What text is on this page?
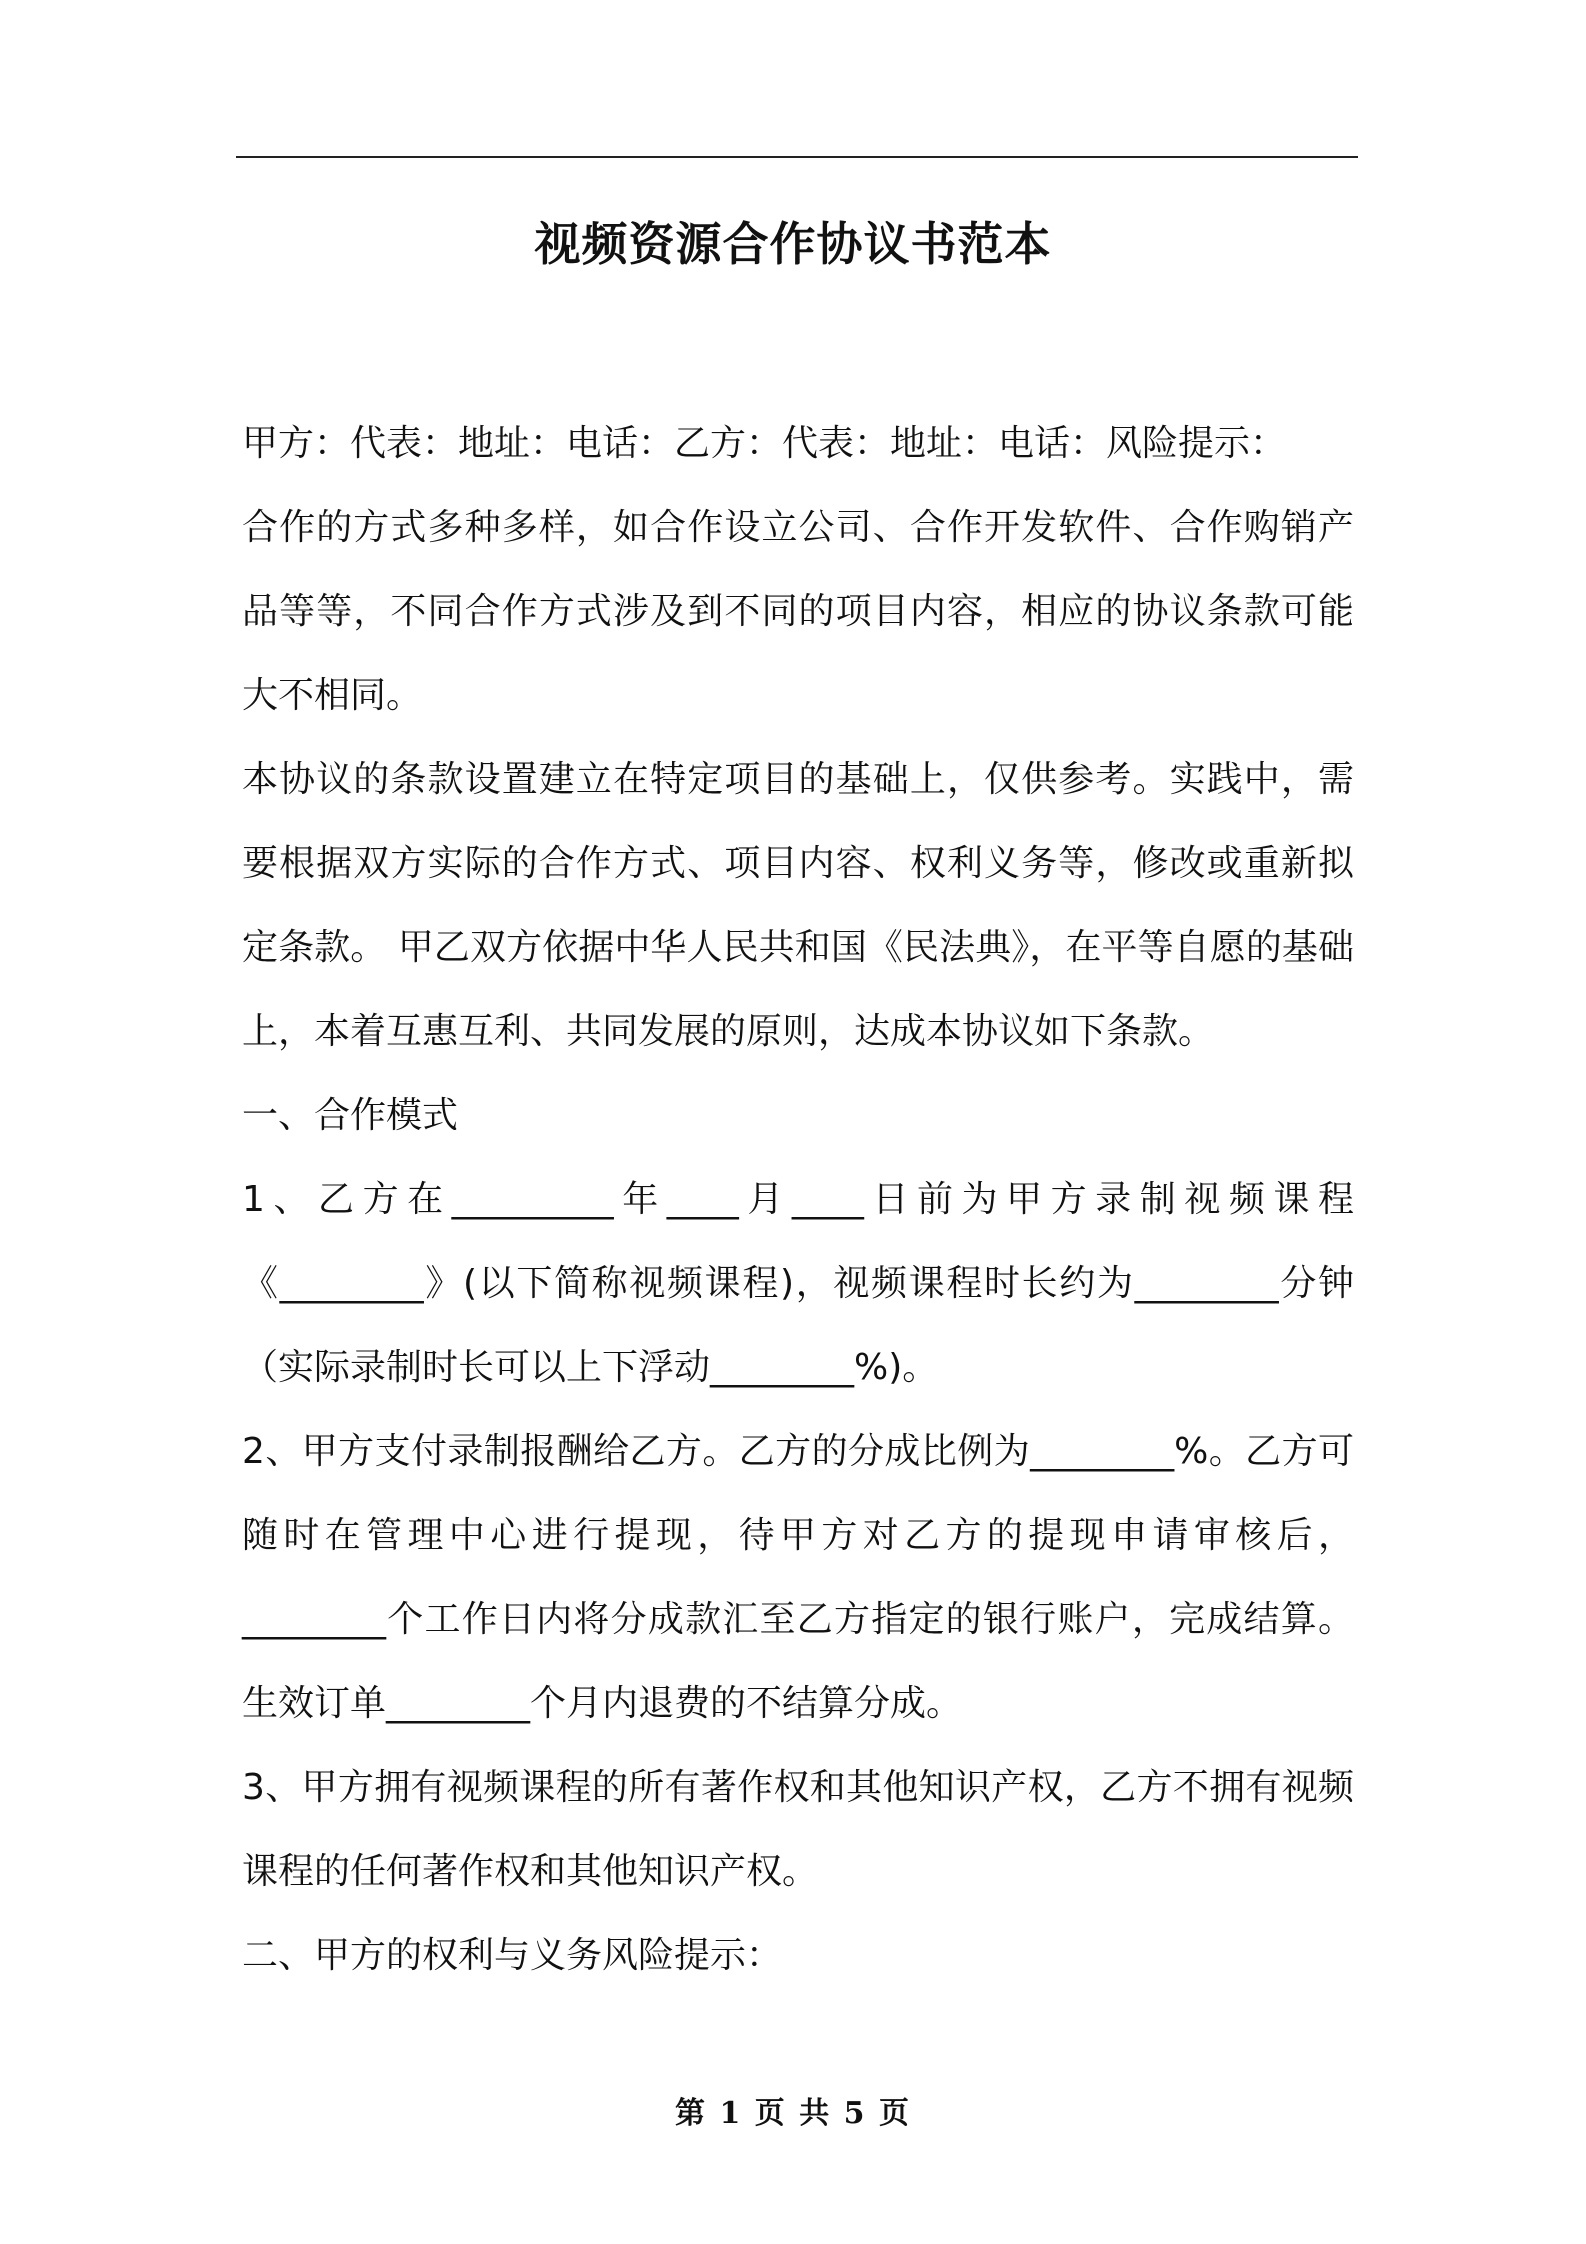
视频资源合作协议书范本

甲方：代表：地址：电话：乙方：代表：地址：电话：风险提示：

合作的方式多种多样，如合作设立公司、合作开发软件、合作购销产品等等，不同合作方式涉及到不同的项目内容，相应的协议条款可能大不相同。

本协议的条款设置建立在特定项目的基础上，仅供参考。实践中，需要根据双方实际的合作方式、项目内容、权利义务等，修改或重新拟定条款。 甲乙双方依据中华人民共和国《民法典》，在平等自愿的基础上，本着互惠互利、共同发展的原则，达成本协议如下条款。

一、合作模式

1、乙方在_________年____月____日前为甲方录制视频课程《________》(以下简称视频课程)，视频课程时长约为________分钟（实际录制时长可以上下浮动________%)。

2、甲方支付录制报酬给乙方。乙方的分成比例为________%。乙方可随时在管理中心进行提现，待甲方对乙方的提现申请审核后，________个工作日内将分成款汇至乙方指定的银行账户，完成结算。生效订单________个月内退费的不结算分成。

3、甲方拥有视频课程的所有著作权和其他知识产权，乙方不拥有视频课程的任何著作权和其他知识产权。

二、甲方的权利与义务风险提示：

第 1 页 共 5 页
